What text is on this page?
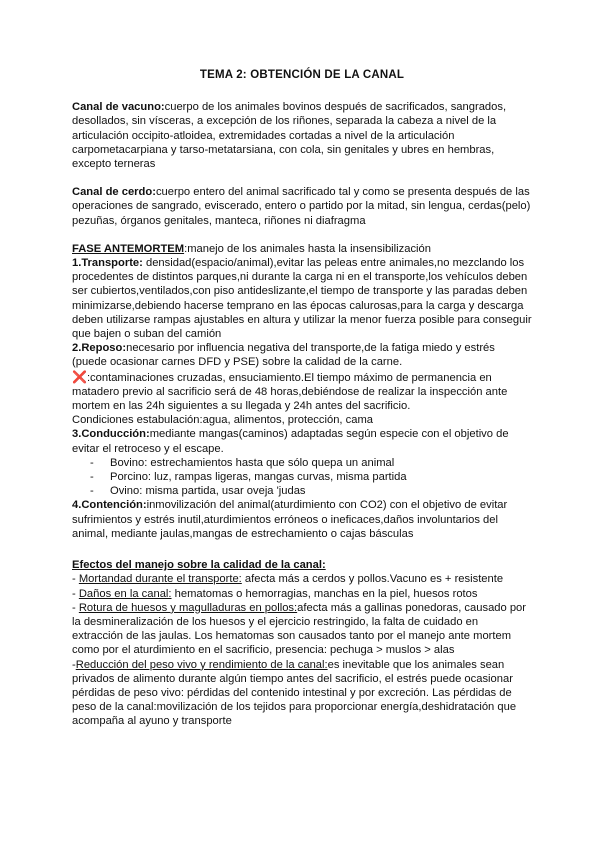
TEMA 2: OBTENCIÓN DE LA CANAL

Canal de vacuno:cuerpo de los animales bovinos después de sacrificados, sangrados, desollados, sin vísceras, a excepción de los riñones, separada la cabeza a nivel de la articulación occipito-atloidea, extremidades cortadas a nivel de la articulación carpometacarpiana y tarso-metatarsiana, con cola, sin genitales y ubres en hembras, excepto terneras

Canal de cerdo:cuerpo entero del animal sacrificado tal y como se presenta después de las operaciones de sangrado, eviscerado, entero o partido por la mitad, sin lengua, cerdas(pelo) pezuñas, órganos genitales, manteca, riñones ni diafragma

FASE ANTEMORTEM:manejo de los animales hasta la insensibilización

1.Transporte: densidad(espacio/animal),evitar las peleas entre animales,no mezclando los procedentes de distintos parques,ni durante la carga ni en el transporte,los vehículos deben ser cubiertos,ventilados,con piso antideslizante,el tiempo de transporte y las paradas deben minimizarse,debiendo hacerse temprano en las épocas calurosas,para la carga y descarga deben utilizarse rampas ajustables en altura y utilizar la menor fuerza posible para conseguir que bajen o suban del camión

2.Reposo:necesario por influencia negativa del transporte,de la fatiga miedo y estrés (puede ocasionar carnes DFD y PSE) sobre la calidad de la carne.

❌:contaminaciones cruzadas, ensuciamiento.El tiempo máximo de permanencia en matadero previo al sacrificio será de 48 horas,debiéndose de realizar la inspección ante mortem en las 24h siguientes a su llegada y 24h antes del sacrificio.

Condiciones estabulación:agua, alimentos, protección, cama

3.Conducción:mediante mangas(caminos) adaptadas según especie con el objetivo de evitar el retroceso y el escape.

- Bovino: estrechamientos hasta que sólo quepa un animal
- Porcino: luz, rampas ligeras, mangas curvas, misma partida
- Ovino: misma partida, usar oveja 'judas

4.Contención:inmovilización del animal(aturdimiento con CO2) con el objetivo de evitar sufrimientos y estrés inutil,aturdimientos erróneos o ineficaces,daños involuntarios del animal, mediante jaulas,mangas de estrechamiento o cajas básculas

Efectos del manejo sobre la calidad de la canal:

- Mortandad durante el transporte: afecta más a cerdos y pollos.Vacuno es + resistente

- Daños en la canal: hematomas o hemorragias, manchas en la piel, huesos rotos

- Rotura de huesos y magulladuras en pollos:afecta más a gallinas ponedoras, causado por la desmineralización de los huesos y el ejercicio restringido, la falta de cuidado en extracción de las jaulas. Los hematomas son causados tanto por el manejo ante mortem como por el aturdimiento en el sacrificio, presencia: pechuga > muslos > alas

-Reducción del peso vivo y rendimiento de la canal:es inevitable que los animales sean privados de alimento durante algún tiempo antes del sacrificio, el estrés puede ocasionar pérdidas de peso vivo: pérdidas del contenido intestinal y por excreción. Las pérdidas de peso de la canal:movilización de los tejidos para proporcionar energía,deshidratación que acompaña al ayuno y transporte
